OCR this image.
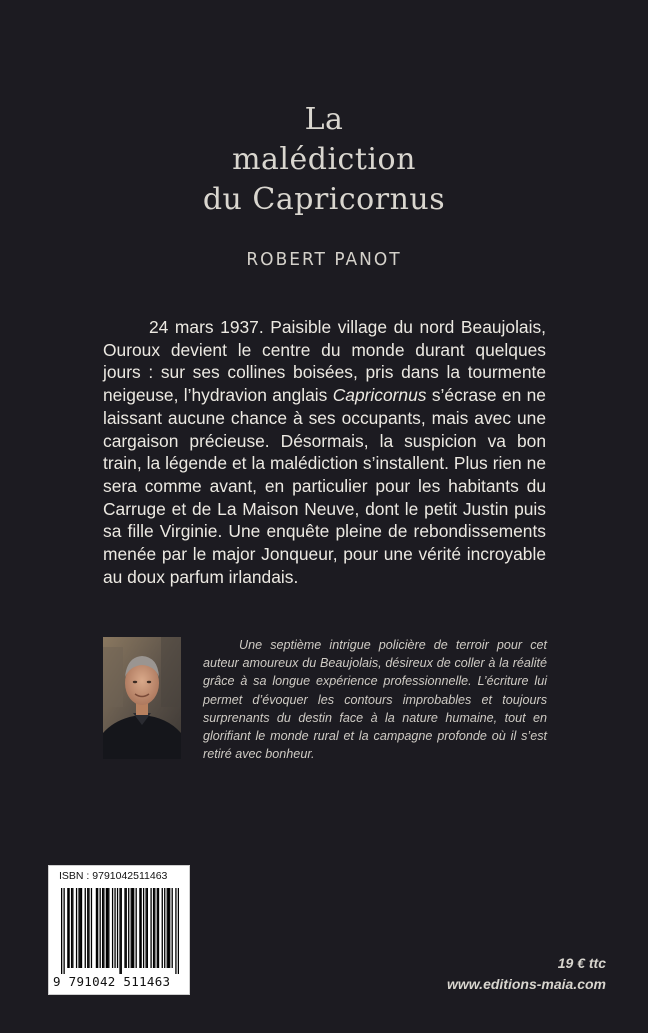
La
malédiction
du Capricornus
ROBERT PANOT

24 mars 1937. Paisible village du nord Beaujolais, Ouroux devient le centre du monde durant quelques jours : sur ses collines boisées, pris dans la tourmente neigeuse, l’hydravion anglais Capricornus s’écrase en ne laissant aucune chance à ses occupants, mais avec une cargaison précieuse. Désormais, la suspicion va bon train, la légende et la malédiction s’installent. Plus rien ne sera comme avant, en particulier pour les habitants du Carruge et de La Maison Neuve, dont le petit Justin puis sa fille Virginie. Une enquête pleine de rebondissements menée par le major Jonqueur, pour une vérité incroyable au doux parfum irlandais.

Une septième intrigue policière de terroir pour cet auteur amoureux du Beaujolais, désireux de coller à la réalité grâce à sa longue expérience professionnelle. L’écriture lui permet d’évoquer les contours improbables et toujours surprenants du destin face à la nature humaine, tout en glorifiant le monde rural et la campagne profonde où il s’est retiré avec bonheur.

ISBN : 9791042511463
9 791042 511463
19 € ttc
www.editions-maia.com
